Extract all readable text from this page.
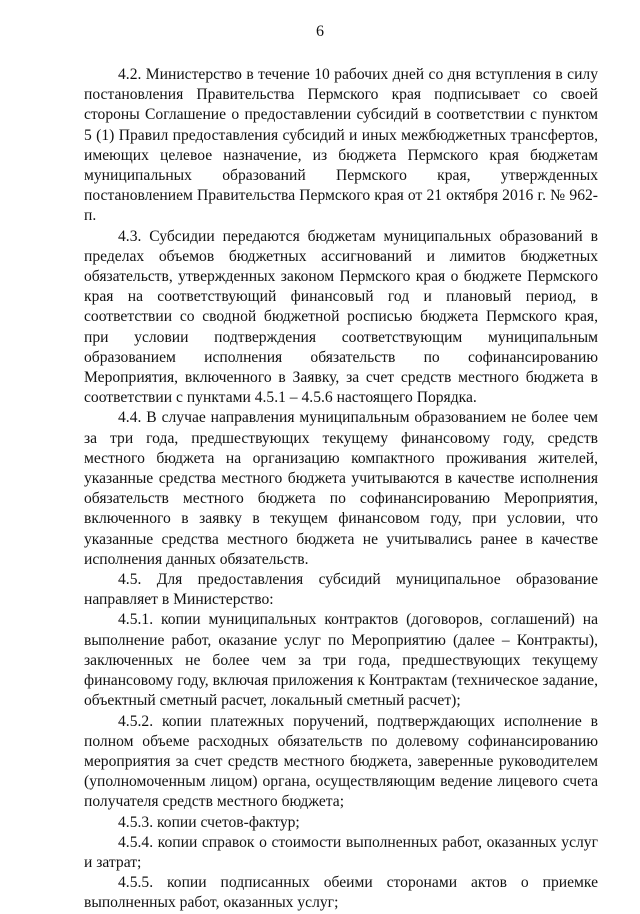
6

4.2. Министерство в течение 10 рабочих дней со дня вступления в силу постановления Правительства Пермского края подписывает со своей стороны Соглашение о предоставлении субсидий в соответствии с пунктом 5 (1) Правил предоставления субсидий и иных межбюджетных трансфертов, имеющих целевое назначение, из бюджета Пермского края бюджетам муниципальных образований Пермского края, утвержденных постановлением Правительства Пермского края от 21 октября 2016 г. № 962-п.

4.3. Субсидии передаются бюджетам муниципальных образований в пределах объемов бюджетных ассигнований и лимитов бюджетных обязательств, утвержденных законом Пермского края о бюджете Пермского края на соответствующий финансовый год и плановый период, в соответствии со сводной бюджетной росписью бюджета Пермского края, при условии подтверждения соответствующим муниципальным образованием исполнения обязательств по софинансированию Мероприятия, включенного в Заявку, за счет средств местного бюджета в соответствии с пунктами 4.5.1 – 4.5.6 настоящего Порядка.

4.4. В случае направления муниципальным образованием не более чем за три года, предшествующих текущему финансовому году, средств местного бюджета на организацию компактного проживания жителей, указанные средства местного бюджета учитываются в качестве исполнения обязательств местного бюджета по софинансированию Мероприятия, включенного в заявку в текущем финансовом году, при условии, что указанные средства местного бюджета не учитывались ранее в качестве исполнения данных обязательств.

4.5. Для предоставления субсидий муниципальное образование направляет в Министерство:

4.5.1. копии муниципальных контрактов (договоров, соглашений) на выполнение работ, оказание услуг по Мероприятию (далее – Контракты), заключенных не более чем за три года, предшествующих текущему финансовому году, включая приложения к Контрактам (техническое задание, объектный сметный расчет, локальный сметный расчет);

4.5.2. копии платежных поручений, подтверждающих исполнение в полном объеме расходных обязательств по долевому софинансированию мероприятия за счет средств местного бюджета, заверенные руководителем (уполномоченным лицом) органа, осуществляющим ведение лицевого счета получателя средств местного бюджета;

4.5.3. копии счетов-фактур;

4.5.4. копии справок о стоимости выполненных работ, оказанных услуг и затрат;

4.5.5. копии подписанных обеими сторонами актов о приемке выполненных работ, оказанных услуг;
